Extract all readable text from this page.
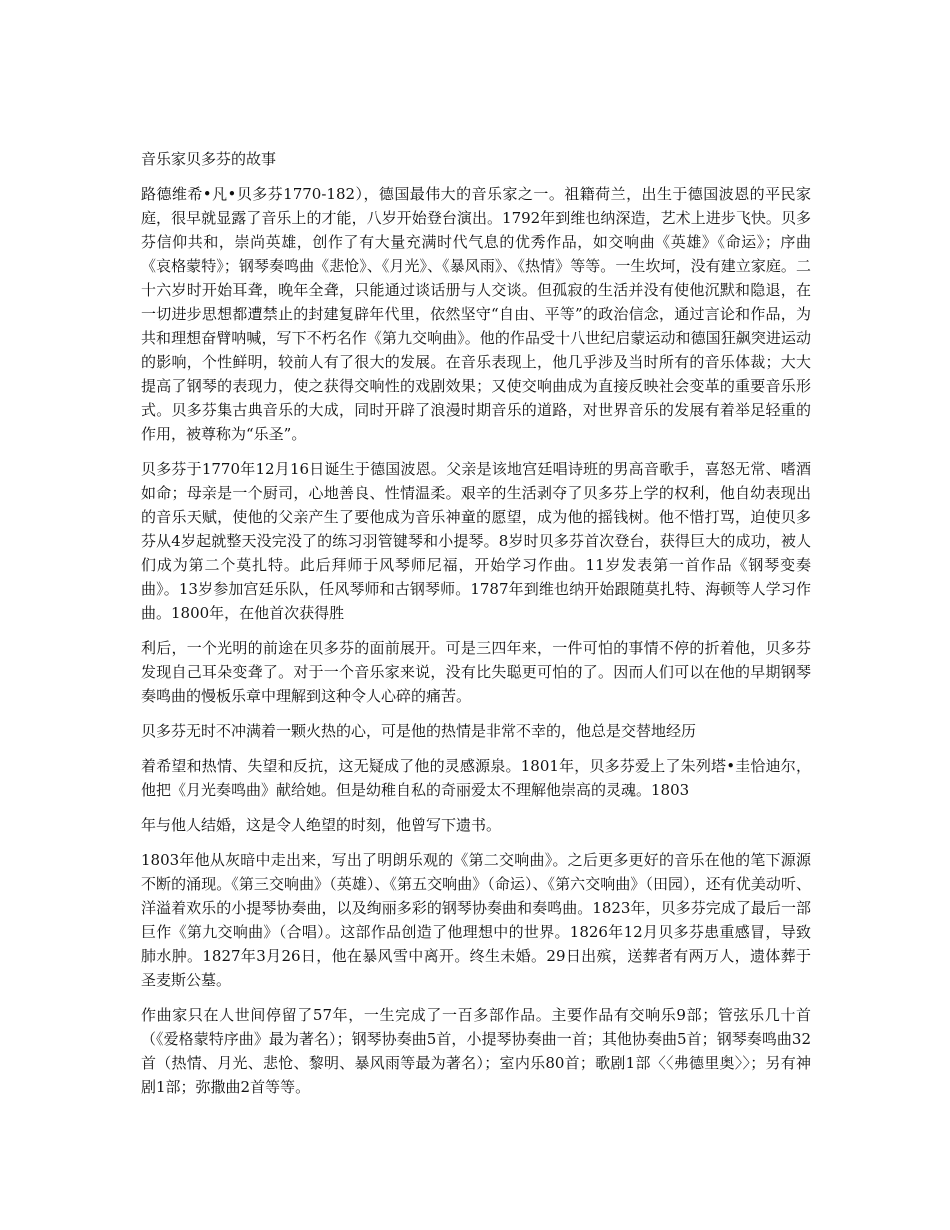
音乐家贝多芬的故事

路德维希•凡•贝多芬1770-182），德国最伟大的音乐家之一。祖籍荷兰，出生于德国波恩的平民家庭，很早就显露了音乐上的才能，八岁开始登台演出。1792年到维也纳深造，艺术上进步飞快。贝多芬信仰共和，崇尚英雄，创作了有大量充满时代气息的优秀作品，如交响曲《英雄》《命运》；序曲《哀格蒙特》；钢琴奏鸣曲《悲怆》、《月光》、《暴风雨》、《热情》等等。一生坎坷，没有建立家庭。二十六岁时开始耳聋，晚年全聋，只能通过谈话册与人交谈。但孤寂的生活并没有使他沉默和隐退，在一切进步思想都遭禁止的封建复辟年代里，依然坚守“自由、平等”的政治信念，通过言论和作品，为共和理想奋臂呐喊，写下不朽名作《第九交响曲》。他的作品受十八世纪启蒙运动和德国狂飙突进运动的影响，个性鲜明，较前人有了很大的发展。在音乐表现上，他几乎涉及当时所有的音乐体裁；大大提高了钢琴的表现力，使之获得交响性的戏剧效果；又使交响曲成为直接反映社会变革的重要音乐形式。贝多芬集古典音乐的大成，同时开辟了浪漫时期音乐的道路，对世界音乐的发展有着举足轻重的作用，被尊称为“乐圣”。

贝多芬于1770年12月16日诞生于德国波恩。父亲是该地宫廷唱诗班的男高音歌手，喜怒无常、嗜酒如命；母亲是一个厨司，心地善良、性情温柔。艰辛的生活剥夺了贝多芬上学的权利，他自幼表现出的音乐天赋，使他的父亲产生了要他成为音乐神童的愿望，成为他的摇钱树。他不惜打骂，迫使贝多芬从4岁起就整天没完没了的练习羽管键琴和小提琴。8岁时贝多芬首次登台，获得巨大的成功，被人们成为第二个莫扎特。此后拜师于风琴师尼福，开始学习作曲。11岁发表第一首作品《钢琴变奏曲》。13岁参加宫廷乐队，任风琴师和古钢琴师。1787年到维也纳开始跟随莫扎特、海顿等人学习作曲。1800年，在他首次获得胜

利后，一个光明的前途在贝多芬的面前展开。可是三四年来，一件可怕的事情不停的折着他，贝多芬发现自己耳朵变聋了。对于一个音乐家来说，没有比失聪更可怕的了。因而人们可以在他的早期钢琴奏鸣曲的慢板乐章中理解到这种令人心碎的痛苦。

贝多芬无时不冲满着一颗火热的心，可是他的热情是非常不幸的，他总是交替地经历

着希望和热情、失望和反抗，这无疑成了他的灵感源泉。1801年，贝多芬爱上了朱列塔•圭恰迪尔，他把《月光奏鸣曲》献给她。但是幼稚自私的奇丽爱太不理解他崇高的灵魂。1803

年与他人结婚，这是令人绝望的时刻，他曾写下遗书。

1803年他从灰暗中走出来，写出了明朗乐观的《第二交响曲》。之后更多更好的音乐在他的笔下源源不断的涌现。《第三交响曲》（英雄）、《第五交响曲》（命运）、《第六交响曲》（田园），还有优美动听、洋溢着欢乐的小提琴协奏曲，以及绚丽多彩的钢琴协奏曲和奏鸣曲。1823年，贝多芬完成了最后一部巨作《第九交响曲》（合唱）。这部作品创造了他理想中的世界。1826年12月贝多芬患重感冒，导致肺水肿。1827年3月26日，他在暴风雪中离开。终生未婚。29日出殡，送葬者有两万人，遗体葬于圣麦斯公墓。

作曲家只在人世间停留了57年，一生完成了一百多部作品。主要作品有交响乐9部；管弦乐几十首（《爱格蒙特序曲》最为著名）；钢琴协奏曲5首，小提琴协奏曲一首；其他协奏曲5首；钢琴奏鸣曲32首（热情、月光、悲怆、黎明、暴风雨等最为著名）；室内乐80首；歌剧1部〈〈弗德里奥〉〉；另有神剧1部；弥撒曲2首等等。
